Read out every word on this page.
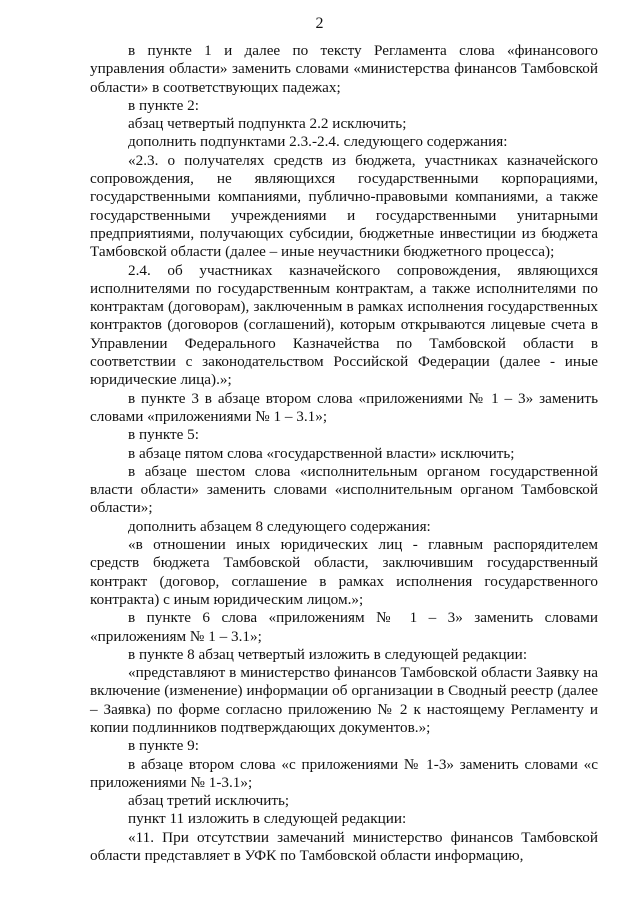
2

в пункте 1 и далее по тексту Регламента слова «финансового управления области» заменить словами «министерства финансов Тамбовской области» в соответствующих падежах;

в пункте 2:

абзац четвертый подпункта 2.2 исключить;

дополнить подпунктами 2.3.-2.4. следующего содержания:

«2.3. о получателях средств из бюджета, участниках казначейского сопровождения, не являющихся государственными корпорациями, государственными компаниями, публично-правовыми компаниями, а также государственными учреждениями и государственными унитарными предприятиями, получающих субсидии, бюджетные инвестиции из бюджета Тамбовской области (далее – иные неучастники бюджетного процесса);

2.4. об участниках казначейского сопровождения, являющихся исполнителями по государственным контрактам, а также исполнителями по контрактам (договорам), заключенным в рамках исполнения государственных контрактов (договоров (соглашений), которым открываются лицевые счета в Управлении Федерального Казначейства по Тамбовской области в соответствии с законодательством Российской Федерации (далее - иные юридические лица).»;

в пункте 3 в абзаце втором слова «приложениями № 1 – 3» заменить словами «приложениями № 1 – 3.1»;

в пункте 5:

в абзаце пятом слова «государственной власти» исключить;

в абзаце шестом слова «исполнительным органом государственной власти области» заменить словами «исполнительным органом Тамбовской области»;

дополнить абзацем 8 следующего содержания:

«в отношении иных юридических лиц - главным распорядителем средств бюджета Тамбовской области, заключившим государственный контракт (договор, соглашение в рамках исполнения государственного контракта) с иным юридическим лицом.»;

в пункте 6 слова «приложениям № 1 – 3» заменить словами «приложениям № 1 – 3.1»;

в пункте 8 абзац четвертый изложить в следующей редакции:

«представляют в министерство финансов Тамбовской области Заявку на включение (изменение) информации об организации в Сводный реестр (далее – Заявка) по форме согласно приложению № 2 к настоящему Регламенту и копии подлинников подтверждающих документов.»;

в пункте 9:

в абзаце втором слова «с приложениями № 1-3» заменить словами «с приложениями № 1-3.1»;

абзац третий исключить;

пункт 11 изложить в следующей редакции:

«11. При отсутствии замечаний министерство финансов Тамбовской области представляет в УФК по Тамбовской области информацию,
